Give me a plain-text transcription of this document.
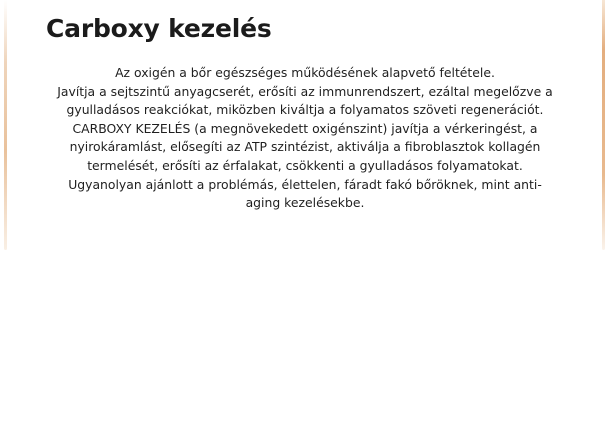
Carboxy kezelés
Az oxigén a bőr egészséges működésének alapvető feltétele.
Javítja a sejtszintű anyagcserét, erősíti az immunrendszert, ezáltal megelőzve a
gyulladásos reakciókat, miközben kiváltja a folyamatos szöveti regenerációt.
CARBOXY KEZELÉS (a megnövekedett oxigénszint) javítja a vérkeringést, a
nyirokáramlást, elősegíti az ATP szintézist, aktiválja a fibroblasztok kollagén
termelését, erősíti az érfalakat, csökkenti a gyulladásos folyamatokat.
Ugyanolyan ajánlott a problémás, élettelen, fáradt fakó bőröknek, mint anti-
aging kezelésekbe.
